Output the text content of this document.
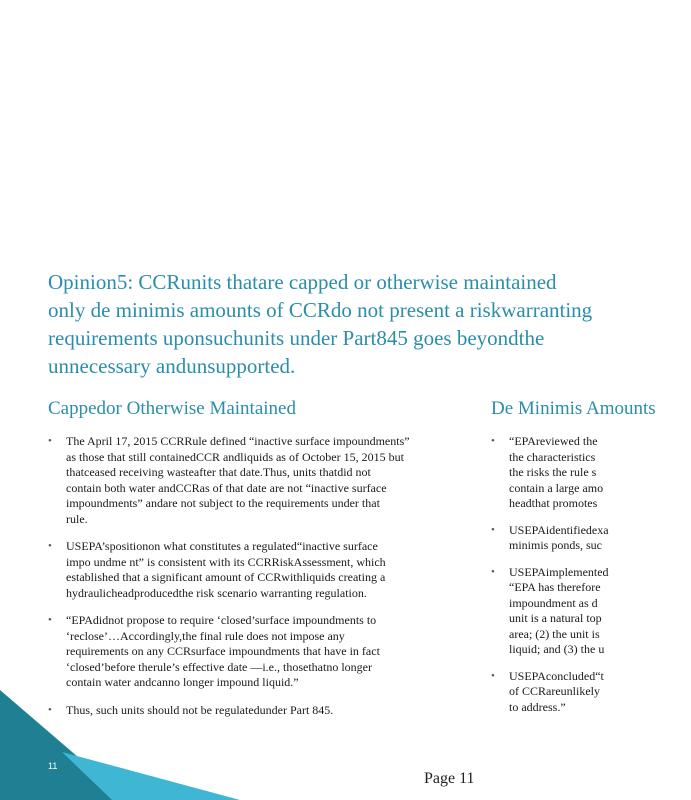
Opinion5: CCRunits thatare capped or otherwise maintained
only de minimis amounts of CCRdo not present a riskwarranting
requirements uponsuchunits under Part845 goes beyondthe
unnecessary andunsupported.
Cappedor Otherwise Maintained	De Minimis Amounts
• The April 17, 2015 CCRRule defined “inactive surface impoundments”
as those that still containedCCR andliquids as of October 15, 2015 but
thatceased receiving wasteafter that date.Thus, units thatdid not
contain both water andCCRas of that date are not “inactive surface
impoundments” andare not subject to the requirements under that
rule.
• USEPA’spositionon what constitutes a regulated“inactive surface
impo undme nt” is consistent with its CCRRiskAssessment, which
established that a significant amount of CCRwithliquids creating a
hydraulicheadproducedthe risk scenario warranting regulation.
• “EPAdidnot propose to require ‘closed’surface impoundments to
‘reclose’…Accordingly,the final rule does not impose any
requirements on any CCRsurface impoundments that have in fact
‘closed’before therule’s effective date —i.e., thosethatno longer
contain water andcanno longer impound liquid.”
• Thus, such units should not be regulatedunder Part 845.
• “EPAreviewed the
the characteristics
the risks the rule s
contain a large amo
headthat promotes
• USEPAidentifiedexa
minimis ponds, suc
• USEPAimplemented
“EPA has therefore
impoundment as d
unit is a natural top
area; (2) the unit is
liquid; and (3) the u
• USEPAconcluded“t
of CCRareunlikely
to address.”
11
Page 11
